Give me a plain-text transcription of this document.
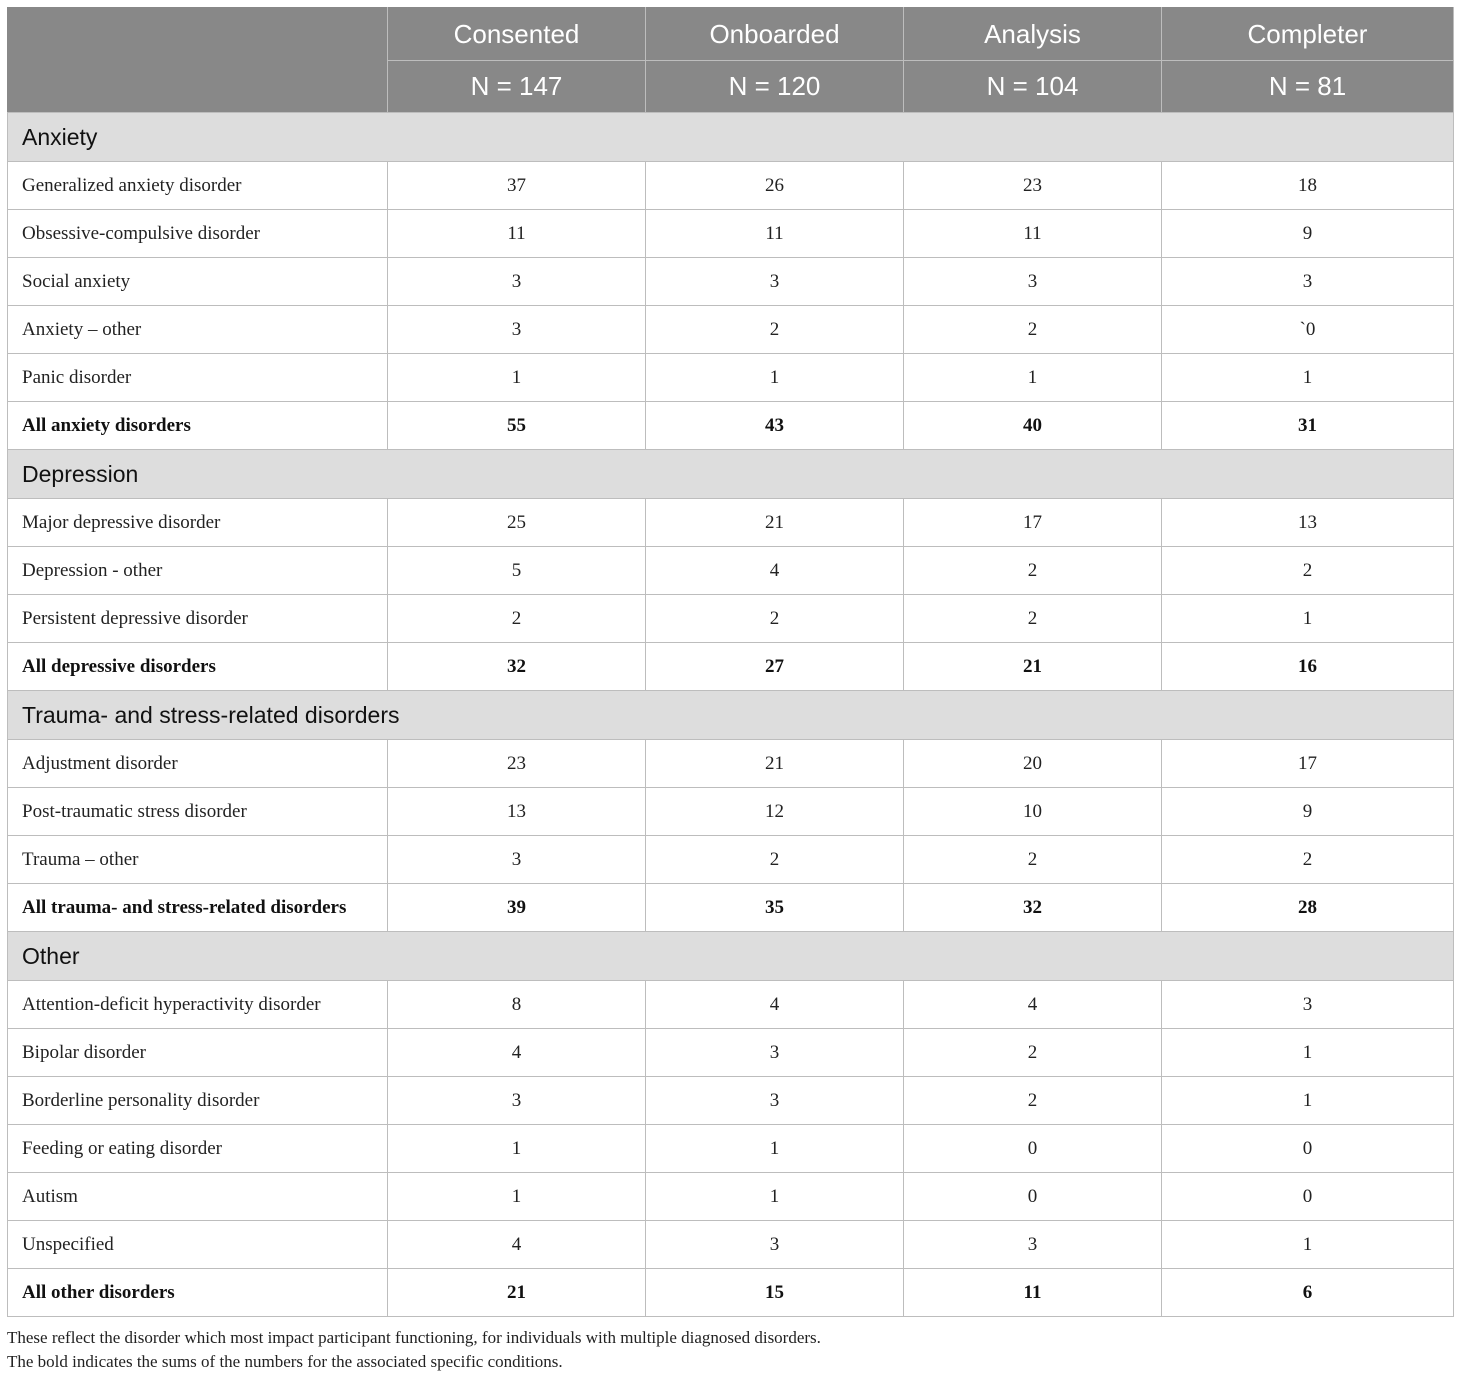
	Consented	Onboarded	Analysis	Completer
	N = 147	N = 120	N = 104	N = 81
Anxiety				
Generalized anxiety disorder	37	26	23	18
Obsessive-compulsive disorder	11	11	11	9
Social anxiety	3	3	3	3
Anxiety – other	3	2	2	`0
Panic disorder	1	1	1	1
All anxiety disorders	55	43	40	31
Depression				
Major depressive disorder	25	21	17	13
Depression - other	5	4	2	2
Persistent depressive disorder	2	2	2	1
All depressive disorders	32	27	21	16
Trauma- and stress-related disorders				
Adjustment disorder	23	21	20	17
Post-traumatic stress disorder	13	12	10	9
Trauma – other	3	2	2	2
All trauma- and stress-related disorders	39	35	32	28
Other				
Attention-deficit hyperactivity disorder	8	4	4	3
Bipolar disorder	4	3	2	1
Borderline personality disorder	3	3	2	1
Feeding or eating disorder	1	1	0	0
Autism	1	1	0	0
Unspecified	4	3	3	1
All other disorders	21	15	11	6
These reflect the disorder which most impact participant functioning, for individuals with multiple diagnosed disorders.
The bold indicates the sums of the numbers for the associated specific conditions.
